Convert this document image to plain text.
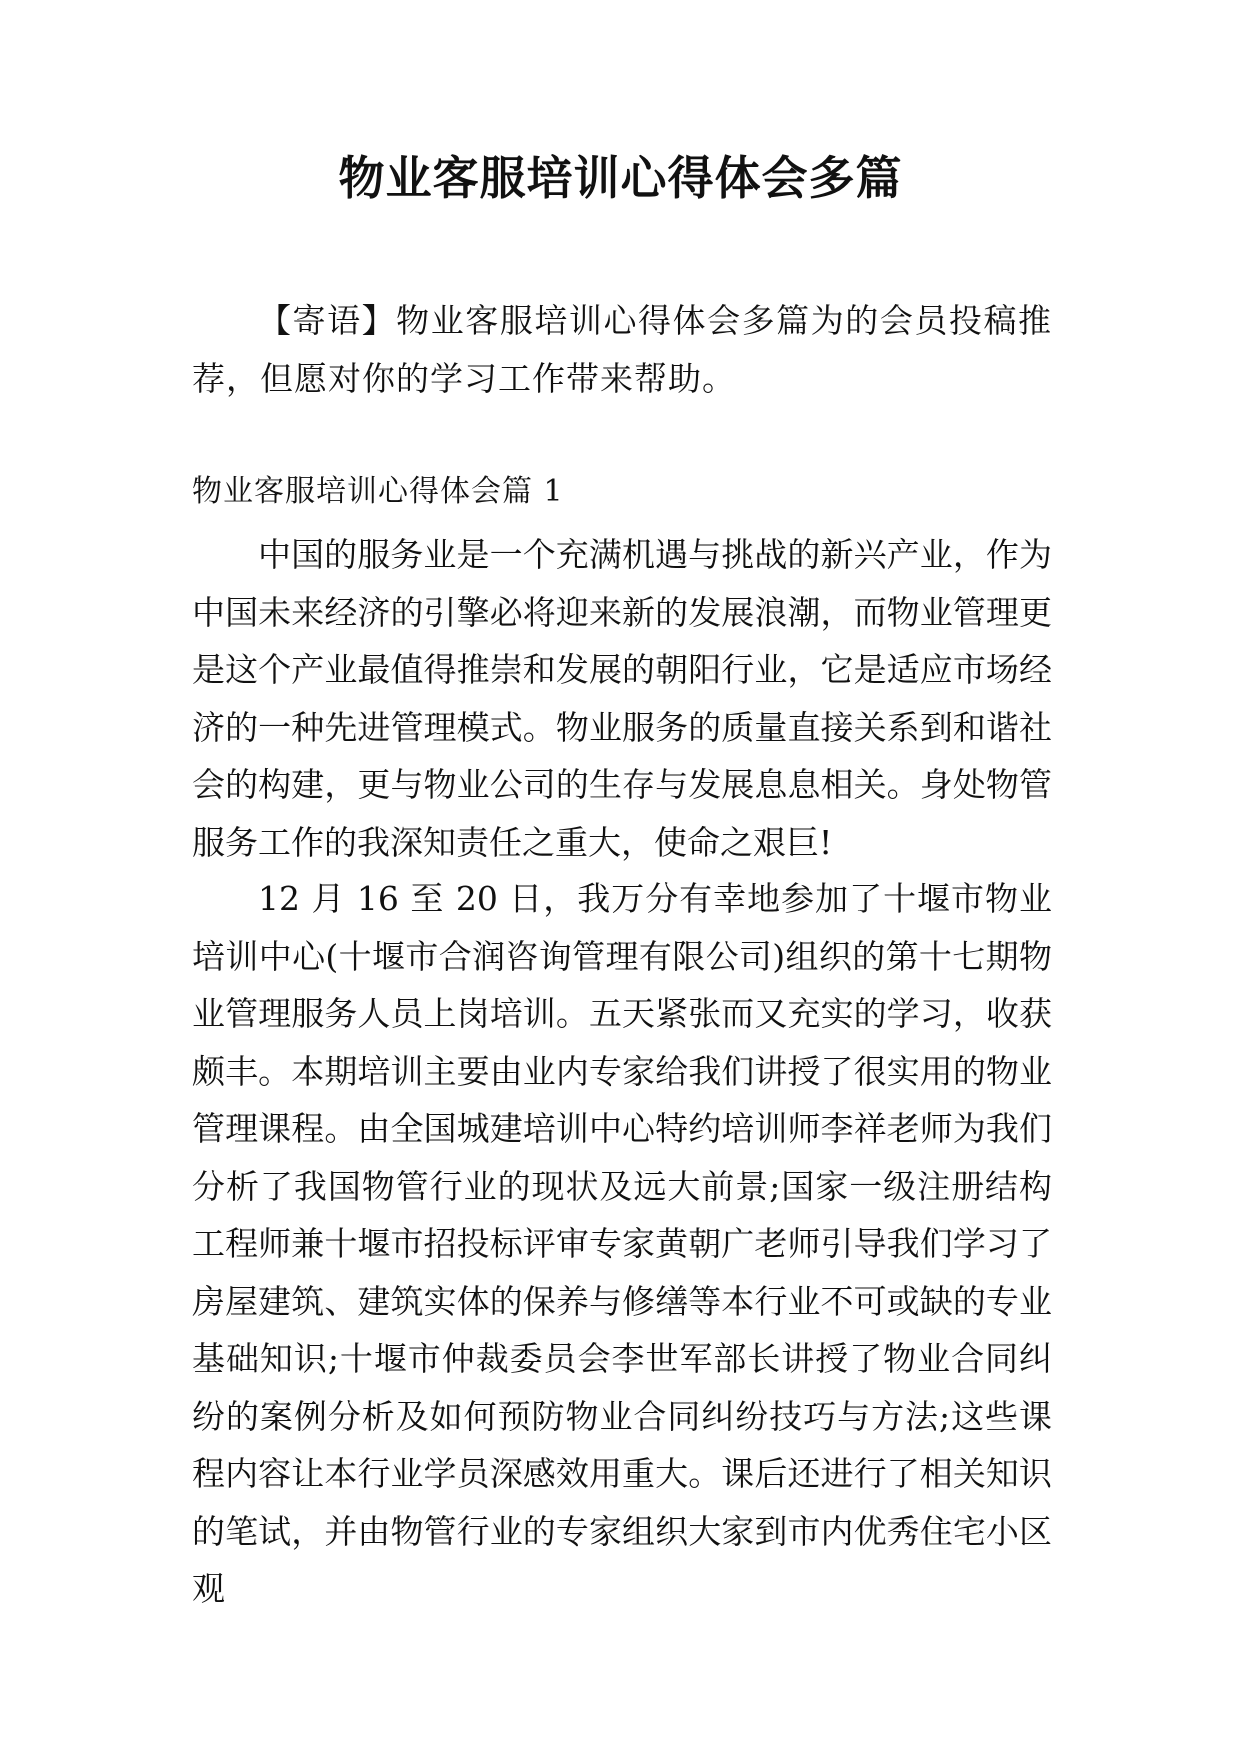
物业客服培训心得体会多篇

【寄语】物业客服培训心得体会多篇为的会员投稿推荐，但愿对你的学习工作带来帮助。

物业客服培训心得体会篇 1

中国的服务业是一个充满机遇与挑战的新兴产业，作为中国未来经济的引擎必将迎来新的发展浪潮，而物业管理更是这个产业最值得推崇和发展的朝阳行业，它是适应市场经济的一种先进管理模式。物业服务的质量直接关系到和谐社会的构建，更与物业公司的生存与发展息息相关。身处物管服务工作的我深知责任之重大，使命之艰巨!

12 月 16 至 20 日，我万分有幸地参加了十堰市物业培训中心(十堰市合润咨询管理有限公司)组织的第十七期物业管理服务人员上岗培训。五天紧张而又充实的学习，收获颇丰。本期培训主要由业内专家给我们讲授了很实用的物业管理课程。由全国城建培训中心特约培训师李祥老师为我们分析了我国物管行业的现状及远大前景;国家一级注册结构工程师兼十堰市招投标评审专家黄朝广老师引导我们学习了房屋建筑、建筑实体的保养与修缮等本行业不可或缺的专业基础知识;十堰市仲裁委员会李世军部长讲授了物业合同纠纷的案例分析及如何预防物业合同纠纷技巧与方法;这些课程内容让本行业学员深感效用重大。课后还进行了相关知识的笔试，并由物管行业的专家组织大家到市内优秀住宅小区观
